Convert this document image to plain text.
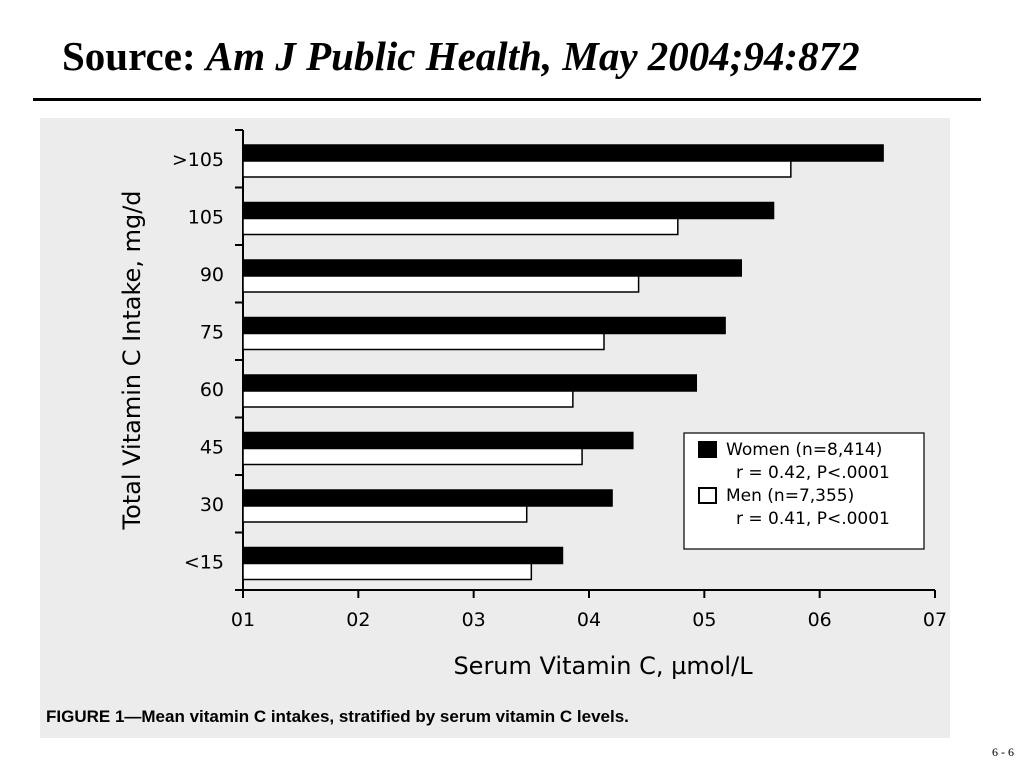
Source: Am J Public Health, May 2004;94:872
01	02	03	04	05	06	07
>105
105
90
75
60
45
30
<15
Serum Vitamin C, µmol/L
Total Vitamin C Intake, mg/d	Women (n=8,414)
r = 0.42, P<.0001
Men (n=7,355)
r = 0.41, P<.0001
FIGURE 1—Mean vitamin C intakes, stratified by serum vitamin C levels.
6 - 6
